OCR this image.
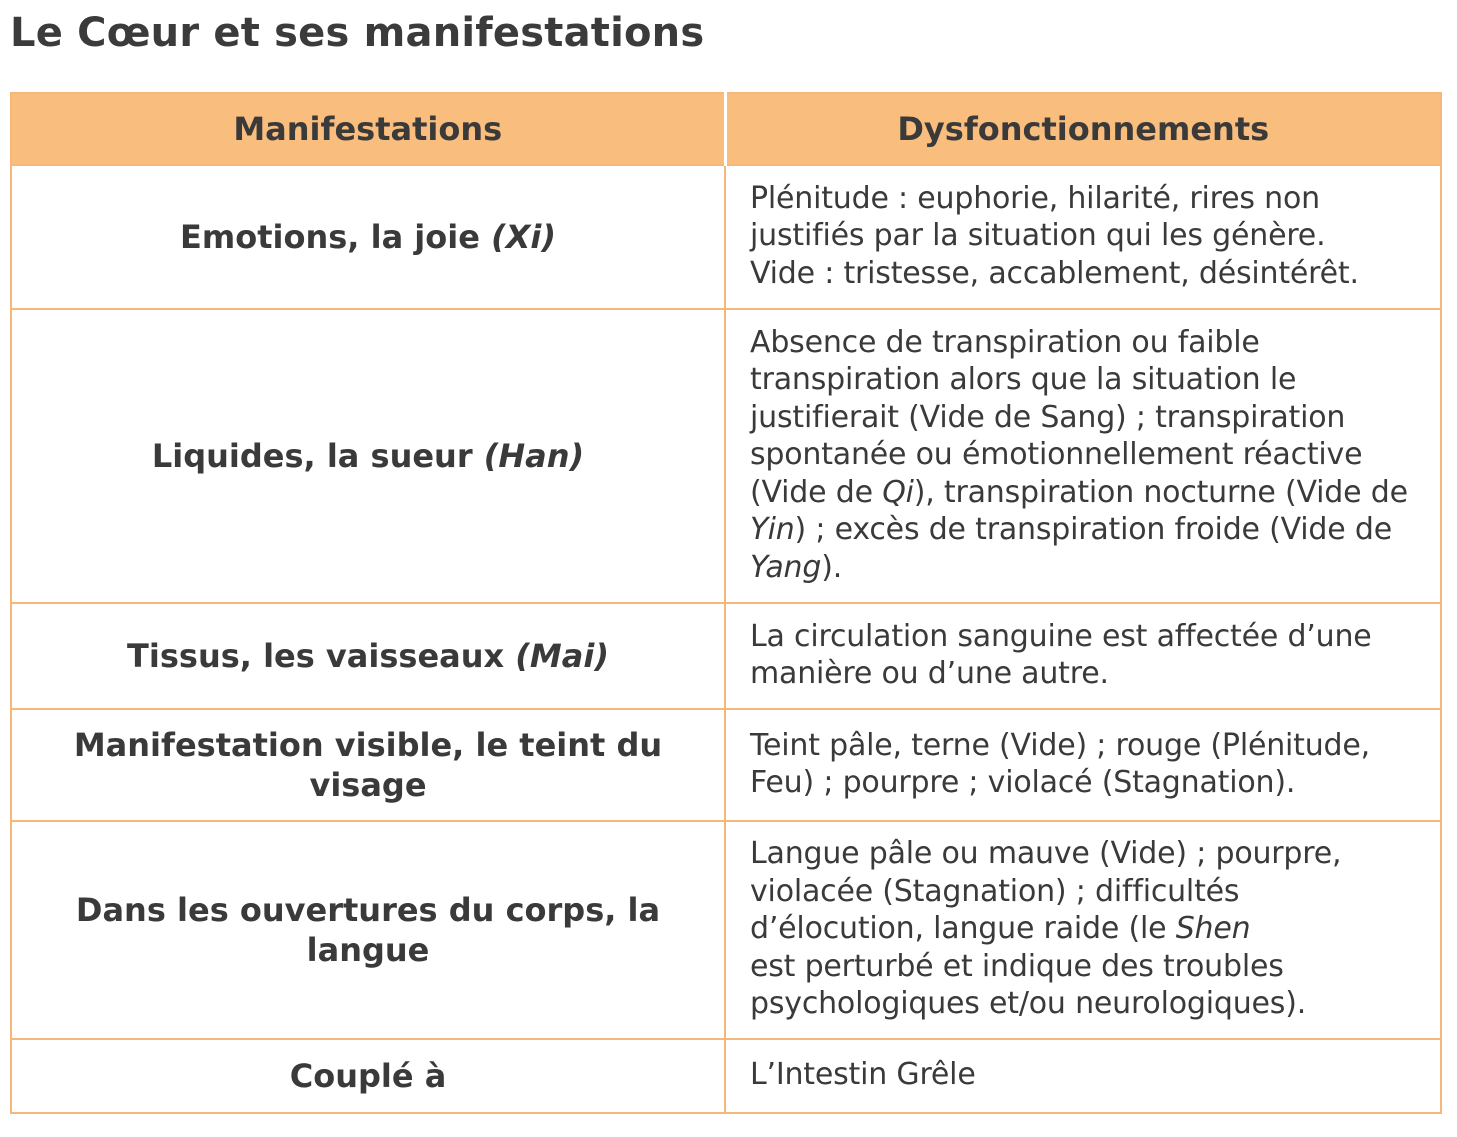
Le Cœur et ses manifestations
Manifestations	Dysfonctionnements
Emotions, la joie (Xi)	Plénitude : euphorie, hilarité, rires non justifiés par la situation qui les génère.
Vide : tristesse, accablement, désintérêt.
Liquides, la sueur (Han)	Absence de transpiration ou faible transpiration alors que la situation le justifierait (Vide de Sang) ; transpiration spontanée ou émotionnellement réactive (Vide de Qi), transpiration nocturne (Vide de Yin) ; excès de transpiration froide (Vide de Yang).
Tissus, les vaisseaux (Mai)	La circulation sanguine est affectée d’une manière ou d’une autre.
Manifestation visible, le teint du visage	Teint pâle, terne (Vide) ; rouge (Plénitude, Feu) ; pourpre ; violacé (Stagnation).
Dans les ouvertures du corps, la langue	Langue pâle ou mauve (Vide) ; pourpre, violacée (Stagnation) ; difficultés d’élocution, langue raide (le Shen
est perturbé et indique des troubles psychologiques et/ou neurologiques).
Couplé à	L’Intestin Grêle
